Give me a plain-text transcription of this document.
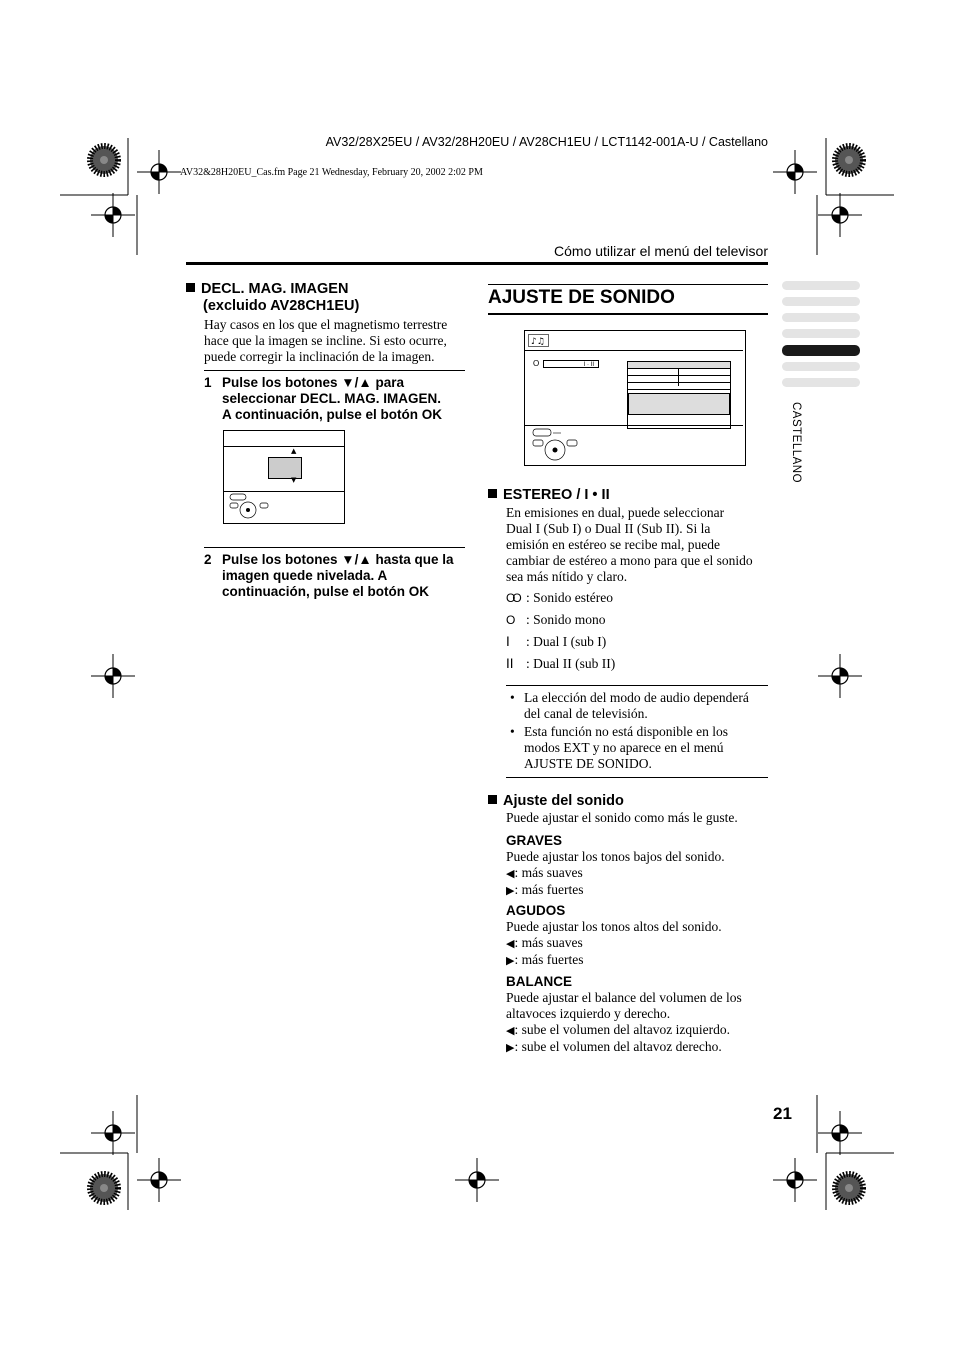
AV32/28X25EU / AV32/28H20EU / AV28CH1EU / LCT1142-001A-U / Castellano
AV32&28H20EU_Cas.fm Page 21 Wednesday, February 20, 2002 2:02 PM
Cómo utilizar el menú del televisor
CASTELLANO
DECL. MAG. IMAGEN
(excluido AV28CH1EU)
Hay casos en los que el magnetismo terrestre
hace que la imagen se incline. Si esto ocurre,
puede corregir la inclinación de la imagen.
1 Pulse los botones ▼/▲ para
seleccionar DECL. MAG. IMAGEN.
A continuación, pulse el botón OK
▲
▼
2 Pulse los botones ▼/▲ hasta que la
imagen quede nivelada. A
continuación, pulse el botón OK
AJUSTE DE SONIDO
♪♫
O	I · II
ESTEREO / I • II
En emisiones en dual, puede seleccionar
Dual I (Sub I) o Dual II (Sub II). Si la
emisión en estéreo se recibe mal, puede
cambiar de estéreo a mono para que el sonido
sea más nítido y claro.
OO : Sonido estéreo
O : Sonido mono
I : Dual I (sub I)
II : Dual II (sub II)
• La elección del modo de audio dependerá
del canal de televisión.
• Esta función no está disponible en los
modos EXT y no aparece en el menú
AJUSTE DE SONIDO.
Ajuste del sonido
Puede ajustar el sonido como más le guste.
GRAVES
Puede ajustar los tonos bajos del sonido.
◀: más suaves
▶: más fuertes
AGUDOS
Puede ajustar los tonos altos del sonido.
◀: más suaves
▶: más fuertes
BALANCE
Puede ajustar el balance del volumen de los
altavoces izquierdo y derecho.
◀: sube el volumen del altavoz izquierdo.
▶: sube el volumen del altavoz derecho.
21
